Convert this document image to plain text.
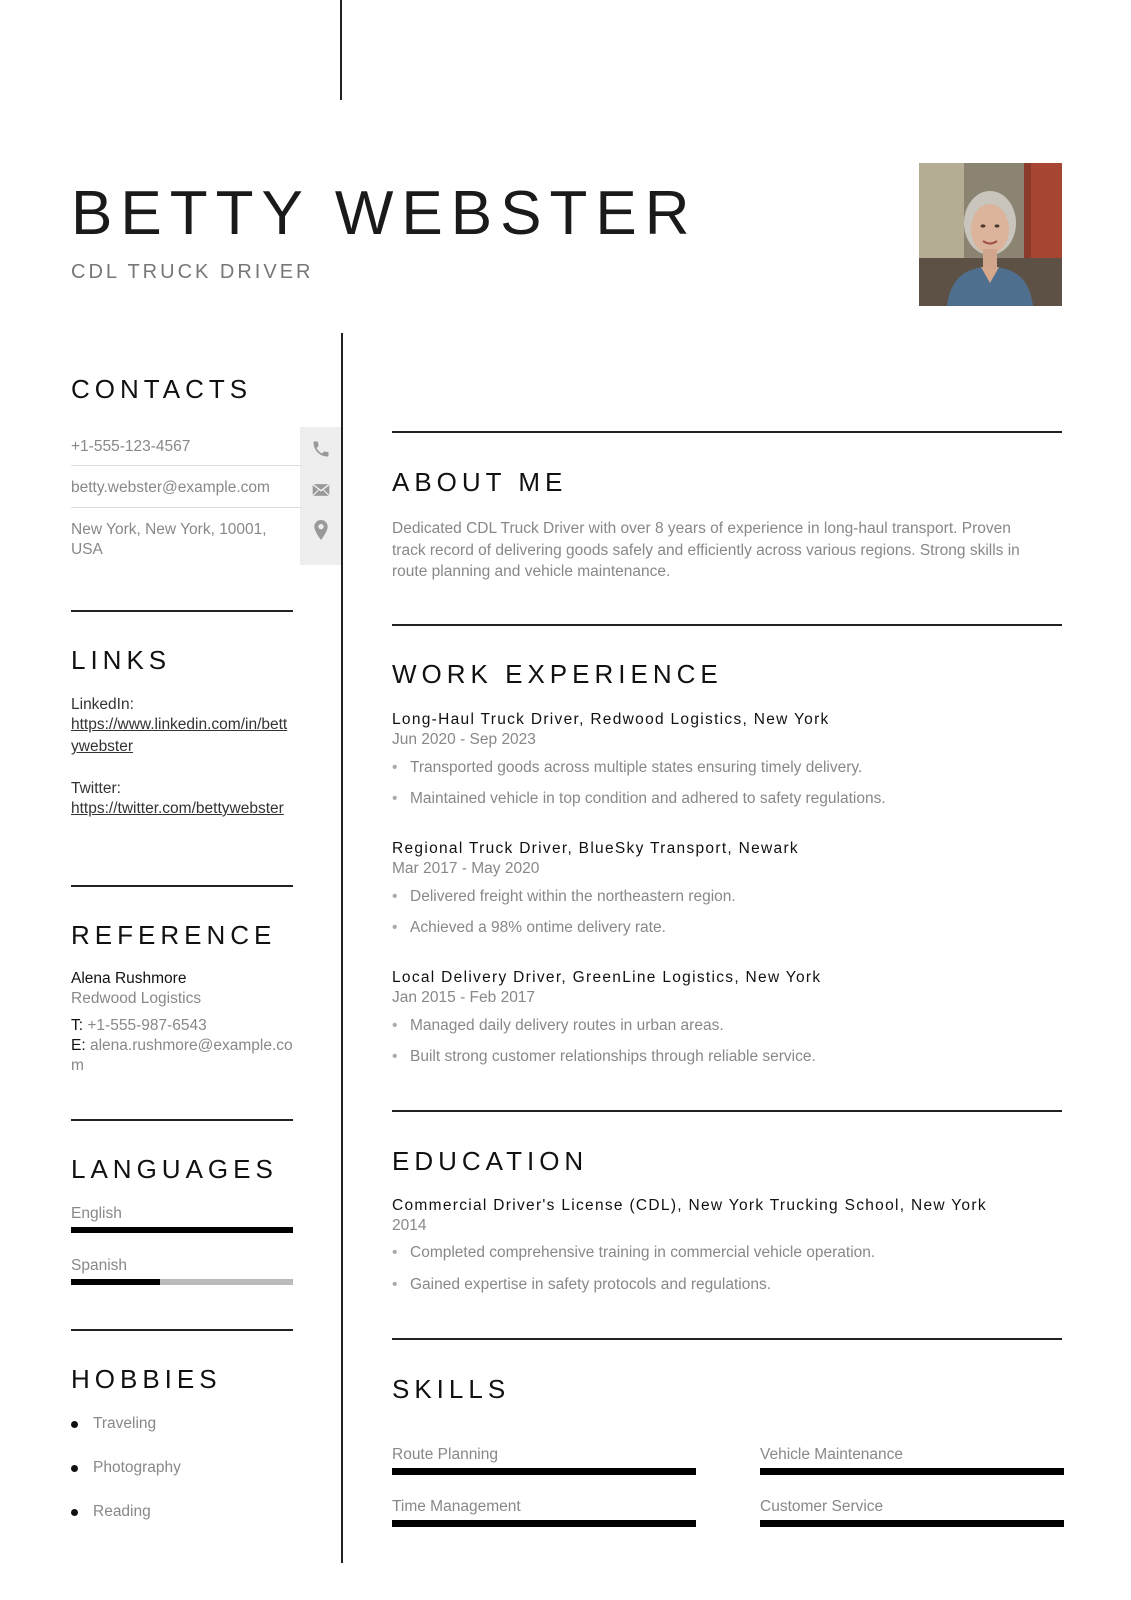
BETTY WEBSTER
CDL TRUCK DRIVER
CONTACTS
+1-555-123-4567
betty.webster@example.com
New York, New York, 10001, USA
LINKS
LinkedIn:
https://www.linkedin.com/in/bettywebster
Twitter:
https://twitter.com/bettywebster
REFERENCE
Alena Rushmore
Redwood Logistics
T: +1-555-987-6543
E: alena.rushmore@example.com
LANGUAGES
English
Spanish
HOBBIES
Traveling
Photography
Reading
ABOUT ME
Dedicated CDL Truck Driver with over 8 years of experience in long-haul transport. Proven track record of delivering goods safely and efficiently across various regions. Strong skills in route planning and vehicle maintenance.
WORK EXPERIENCE
Long-Haul Truck Driver, Redwood Logistics, New York
Jun 2020 - Sep 2023
• Transported goods across multiple states ensuring timely delivery.
• Maintained vehicle in top condition and adhered to safety regulations.
Regional Truck Driver, BlueSky Transport, Newark
Mar 2017 - May 2020
• Delivered freight within the northeastern region.
• Achieved a 98% ontime delivery rate.
Local Delivery Driver, GreenLine Logistics, New York
Jan 2015 - Feb 2017
• Managed daily delivery routes in urban areas.
• Built strong customer relationships through reliable service.
EDUCATION
Commercial Driver's License (CDL), New York Trucking School, New York
2014
• Completed comprehensive training in commercial vehicle operation.
• Gained expertise in safety protocols and regulations.
SKILLS
Route Planning	Vehicle Maintenance
Time Management	Customer Service
